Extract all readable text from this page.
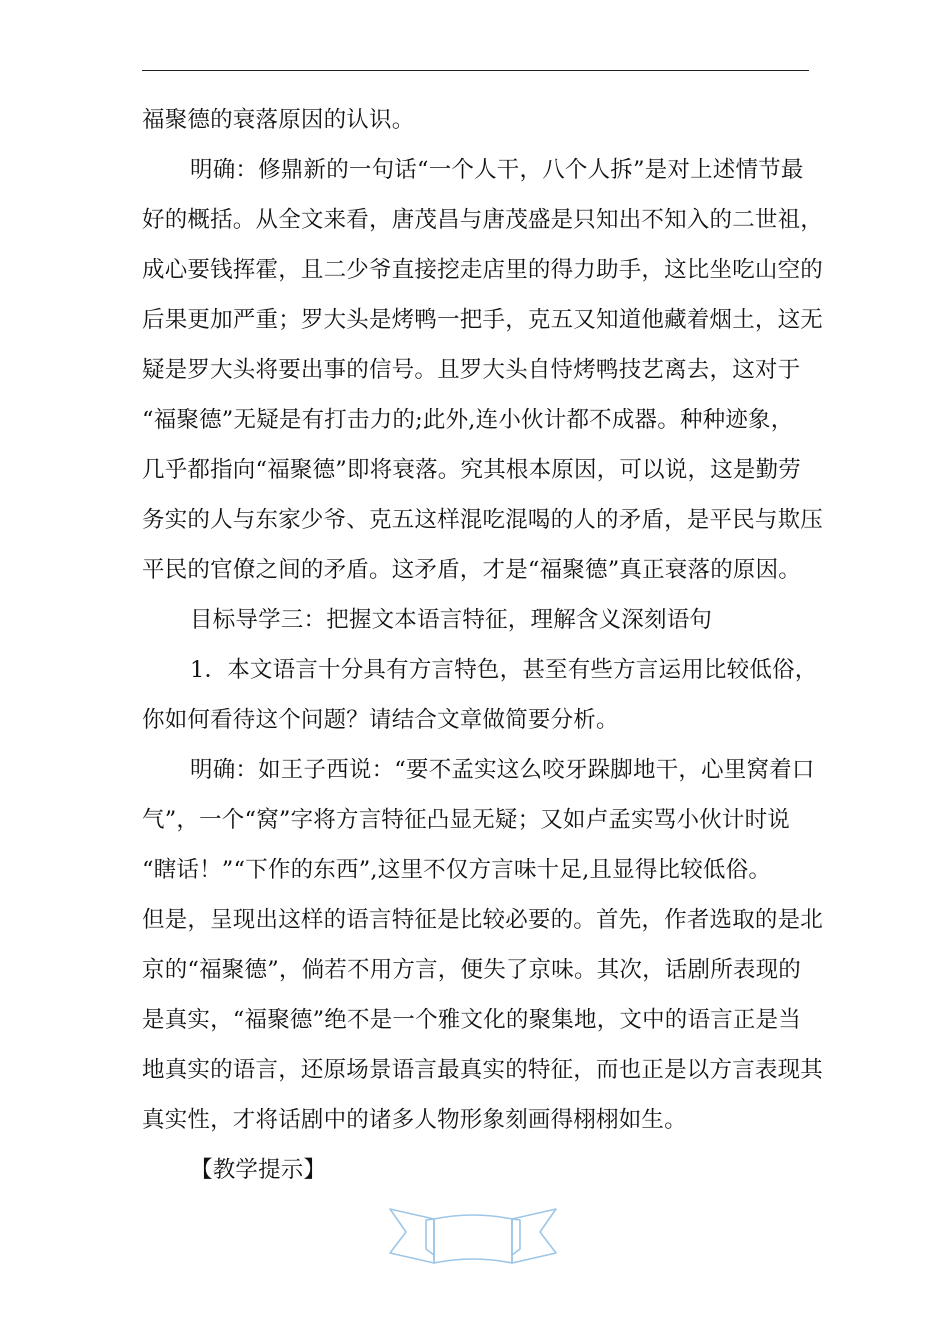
福聚德的衰落原因的认识。
明确：修鼎新的一句话“一个人干，八个人拆”是对上述情节最
好的概括。从全文来看，唐茂昌与唐茂盛是只知出不知入的二世祖，
成心要钱挥霍，且二少爷直接挖走店里的得力助手，这比坐吃山空的
后果更加严重；罗大头是烤鸭一把手，克五又知道他藏着烟土，这无
疑是罗大头将要出事的信号。且罗大头自恃烤鸭技艺离去，这对于
“福聚德”无疑是有打击力的;此外,连小伙计都不成器。种种迹象，
几乎都指向“福聚德”即将衰落。究其根本原因，可以说，这是勤劳
务实的人与东家少爷、克五这样混吃混喝的人的矛盾，是平民与欺压
平民的官僚之间的矛盾。这矛盾，才是“福聚德”真正衰落的原因。
目标导学三：把握文本语言特征，理解含义深刻语句
1．本文语言十分具有方言特色，甚至有些方言运用比较低俗，
你如何看待这个问题？请结合文章做简要分析。
明确：如王子西说：“要不孟实这么咬牙跺脚地干，心里窝着口
气”，一个“窝”字将方言特征凸显无疑；又如卢孟实骂小伙计时说
“瞎话！”“下作的东西”,这里不仅方言味十足,且显得比较低俗。
但是，呈现出这样的语言特征是比较必要的。首先，作者选取的是北
京的“福聚德”，倘若不用方言，便失了京味。其次，话剧所表现的
是真实，“福聚德”绝不是一个雅文化的聚集地，文中的语言正是当
地真实的语言，还原场景语言最真实的特征，而也正是以方言表现其
真实性，才将话剧中的诸多人物形象刻画得栩栩如生。
【教学提示】
